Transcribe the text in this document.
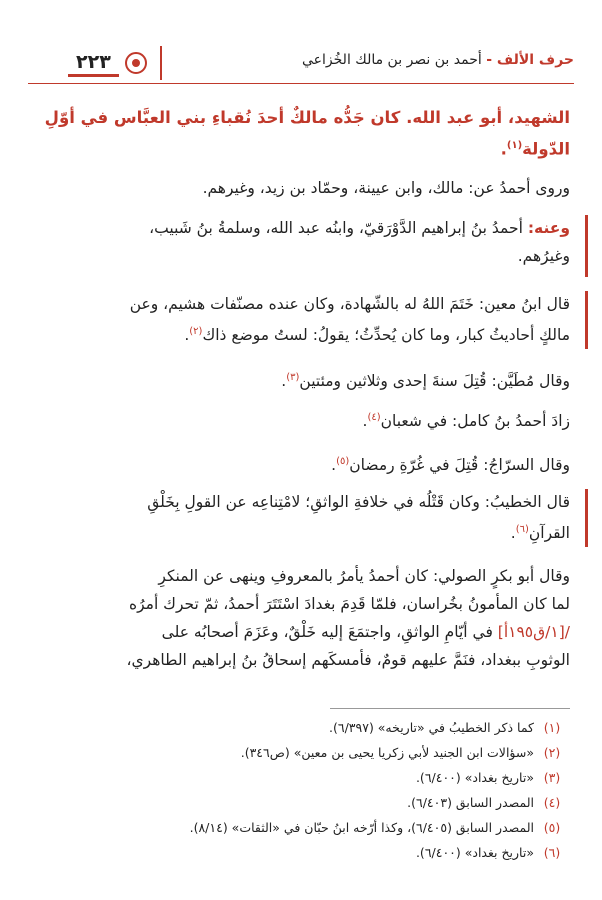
حرف الألف - أحمد بن نصر بن مالك الخُزاعي
٢٢٣
الشهيد، أبو عبد الله. كان جَدُّه مالكٌ أحدَ نُقباءِ بني العبَّاس في أوّلِ
الدّولة$^{(١)}$.
وروى أحمدُ عن: مالك، وابن عيينة، وحمّاد بن زيد، وغيرهم.
وعنه: أحمدُ بنُ إبراهيم الدَّوْرَقيّ، وابنُه عبد الله، وسلمةُ بنُ شَبيب،
وغيرُهم.
قال ابنُ معين: خَتَمَ اللهُ له بالشّهادة، وكان عنده مصنّفات هشيم، وعن
مالكٍ أحاديثُ كبار، وما كان يُحدِّثُ؛ يقولُ: لستُ موضع ذاك$^{(٢)}$.
وقال مُطَيَّن: قُتِلَ سنةَ إحدى وثلاثين ومئتين$^{(٣)}$.
زادَ أحمدُ بنُ كامل: في شعبان$^{(٤)}$.
وقال السرّاجُ: قُتِلَ في غُرّةِ رمضان$^{(٥)}$.
قال الخطيبُ: وكان قَتْلُه في خلافةِ الواثقِ؛ لامْتِناعِه عن القولِ بِخَلْقِ
القرآنِ$^{(٦)}$.
وقال أبو بكرٍ الصولي: كان أحمدُ يأمرُ بالمعروفِ وينهى عن المنكرِ
لما كان المأمونُ بخُراسان، فلمّا قَدِمَ بغدادَ اسْتَتَرَ أحمدُ، ثمّ تحرك أمرُه
/[١/ق١٩٥أ] في أيّامِ الواثقِ، واجتمَعَ إليه خَلْقٌ، وعَزَمَ أصحابُه على
الوثوبِ ببغداد، فنَمَّ عليهم قومٌ، فأمسكَهم إسحاقُ بنُ إبراهيم الطاهري،
(١)كما ذكر الخطيبُ في «تاريخه» (٦/٣٩٧).
(٢)«سؤالات ابن الجنيد لأبي زكريا يحيى بن معين» (ص٣٤٦).
(٣)«تاريخ بغداد» (٦/٤٠٠).
(٤)المصدر السابق (٦/٤٠٣).
(٥)المصدر السابق (٦/٤٠٥)، وكذا أرّخه ابنُ حبّان في «الثقات» (٨/١٤).
(٦)«تاريخ بغداد» (٦/٤٠٠).
